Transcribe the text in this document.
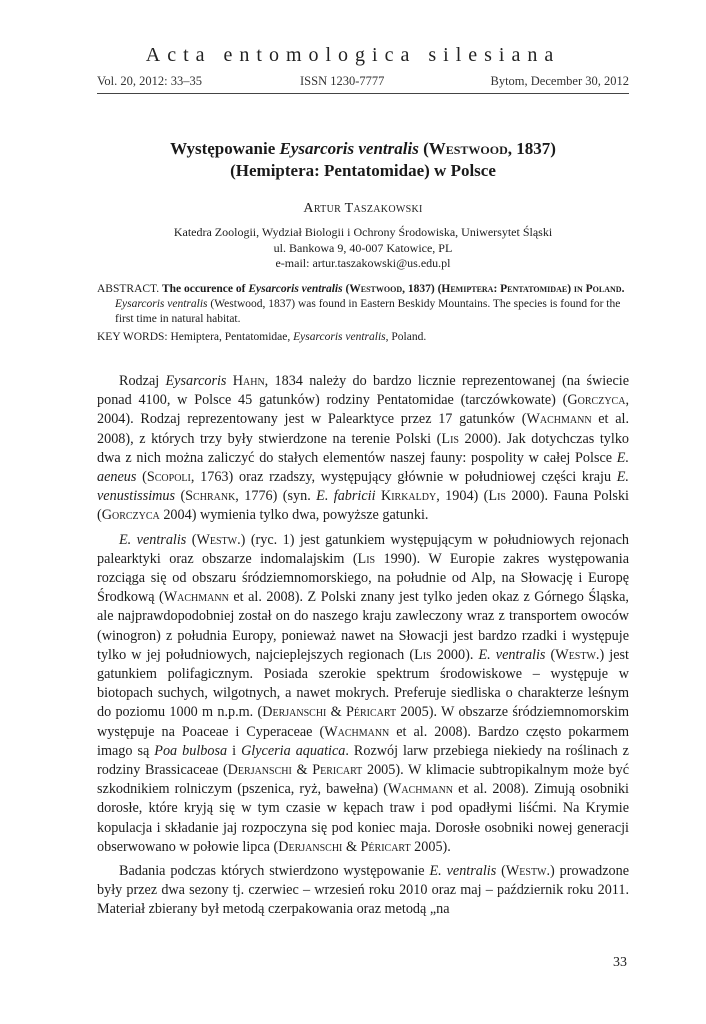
Acta entomologica silesiana
Vol. 20, 2012: 33–35	ISSN 1230-7777	Bytom, December 30, 2012
Występowanie Eysarcoris ventralis (Westwood, 1837)
(Hemiptera: Pentatomidae) w Polsce
Artur Taszakowski
Katedra Zoologii, Wydział Biologii i Ochrony Środowiska, Uniwersytet Śląski
ul. Bankowa 9, 40-007 Katowice, PL
e-mail: artur.taszakowski@us.edu.pl
ABSTRACT. The occurence of Eysarcoris ventralis (Westwood, 1837) (Hemiptera: Pentatomidae) in Poland.
Eysarcoris ventralis (Westwood, 1837) was found in Eastern Beskidy Mountains. The species is found for the first time in natural habitat.
KEY WORDS: Hemiptera, Pentatomidae, Eysarcoris ventralis, Poland.

Rodzaj Eysarcoris Hahn, 1834 należy do bardzo licznie reprezentowanej (na świecie ponad 4100, w Polsce 45 gatunków) rodziny Pentatomidae (tarczówkowate) (Gorczyca, 2004). Rodzaj reprezentowany jest w Palearktyce przez 17 gatunków (Wachmann et al. 2008), z których trzy były stwierdzone na terenie Polski (Lis 2000). Jak dotychczas tylko dwa z nich można zaliczyć do stałych elementów naszej fauny: pospolity w całej Polsce E. aeneus (Scopoli, 1763) oraz rzadszy, występujący głównie w południowej części kraju E. venustissimus (Schrank, 1776) (syn. E. fabricii Kirkaldy, 1904) (Lis 2000). Fauna Polski (Gorczyca 2004) wymienia tylko dwa, powyższe gatunki.

E. ventralis (Westw.) (ryc. 1) jest gatunkiem występującym w południowych rejonach palearktyki oraz obszarze indomalajskim (Lis 1990). W Europie zakres występowania rozciąga się od obszaru śródziemnomorskiego, na południe od Alp, na Słowację i Europę Środkową (Wachmann et al. 2008). Z Polski znany jest tylko jeden okaz z Górnego Śląska, ale najprawdopodobniej został on do naszego kraju zawleczony wraz z transportem owoców (winogron) z południa Europy, ponieważ nawet na Słowacji jest bardzo rzadki i występuje tylko w jej południowych, najcieplejszych regionach (Lis 2000). E. ventralis (Westw.) jest gatunkiem polifagicznym. Posiada szerokie spektrum środowiskowe – występuje w biotopach suchych, wilgotnych, a nawet mokrych. Preferuje siedliska o charakterze leśnym do poziomu 1000 m n.p.m. (Derjanschi & Péricart 2005). W obszarze śródziemnomorskim występuje na Poaceae i Cyperaceae (Wachmann et al. 2008). Bardzo często pokarmem imago są Poa bulbosa i Glyceria aquatica. Rozwój larw przebiega niekiedy na roślinach z rodziny Brassicaceae (Derjanschi & Pericart 2005). W klimacie subtropikalnym może być szkodnikiem rolniczym (pszenica, ryż, bawełna) (Wachmann et al. 2008). Zimują osobniki dorosłe, które kryją się w tym czasie w kępach traw i pod opadłymi liśćmi. Na Krymie kopulacja i składanie jaj rozpoczyna się pod koniec maja. Dorosłe osobniki nowej generacji obserwowano w połowie lipca (Derjanschi & Péricart 2005).

Badania podczas których stwierdzono występowanie E. ventralis (Westw.) prowadzone były przez dwa sezony tj. czerwiec – wrzesień roku 2010 oraz maj – październik roku 2011. Materiał zbierany był metodą czerpakowania oraz metodą „na

33
